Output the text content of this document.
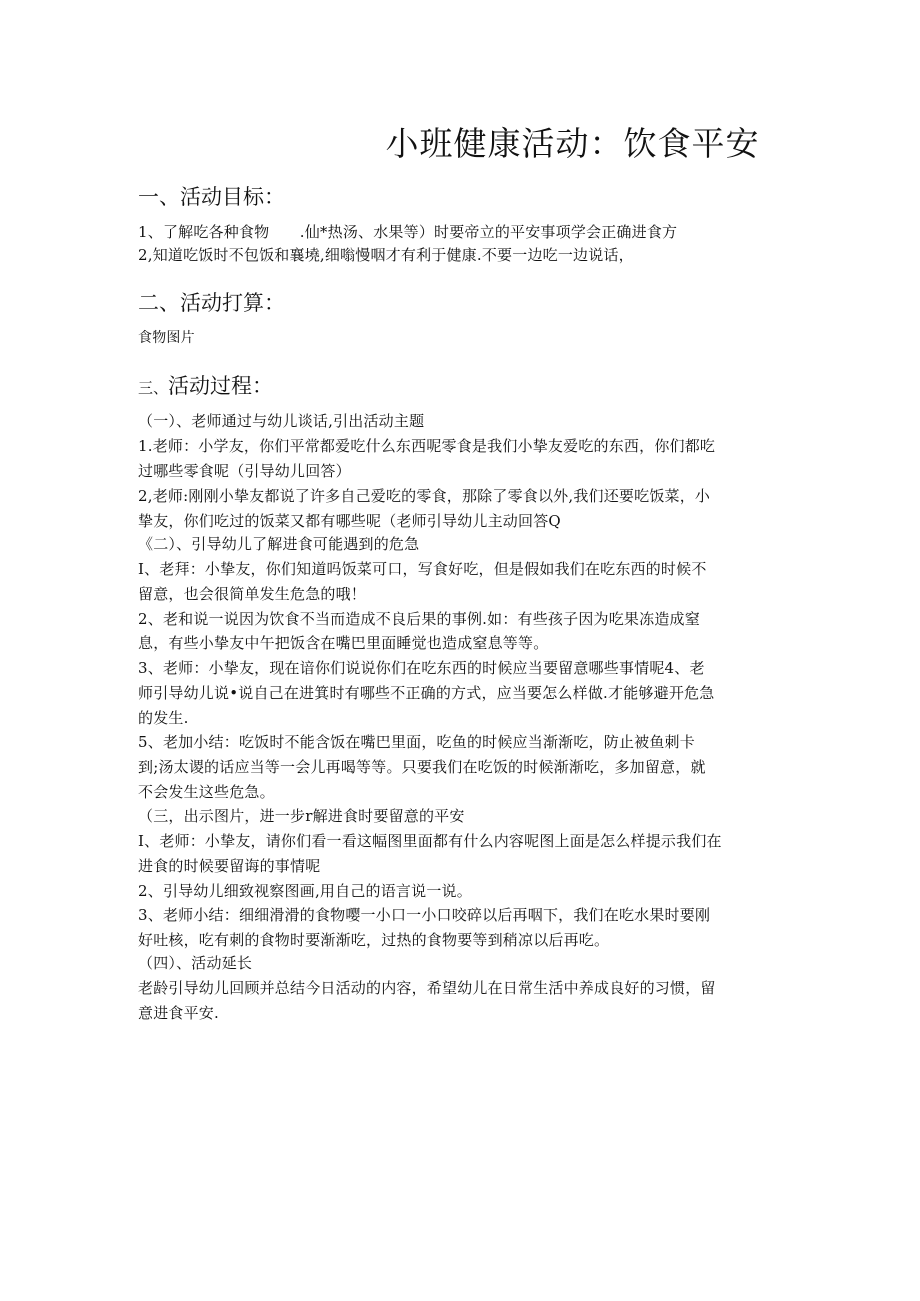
小班健康活动：饮食平安
一、活动目标：
1、了解吃各种食物　　.仙*热汤、水果等）时要帝立的平安事项学会正确进食方
2,知道吃饭时不包饭和襄墝,细嗡慢咽才有利于健康.不要一边吃一边说话，
二、活动打算：
食物图片
三、活动过程：
（一）、老师通过与幼儿谈话,引出活动主题
1.老师：小学友，你们平常都爱吃什么东西呢零食是我们小挚友爱吃的东西，你们都吃
过哪些零食呢（引导幼儿回答）
2,老师:刚刚小挚友都说了许多自己爱吃的零食，那除了零食以外,我们还要吃饭菜，小
挚友，你们吃过的饭菜又都有哪些呢（老师引导幼儿主动回答Q
《二）、引导幼儿了解进食可能遇到的危急
I、老拜：小挚友，你们知道吗饭菜可口，写食好吃，但是假如我们在吃东西的时候不
留意，也会很简单发生危急的哦！
2、老和说一说因为饮食不当而造成不良后果的事例.如：有些孩子因为吃果冻造成窒
息，有些小挚友中午把饭含在嘴巴里面睡觉也造成窒息等等。
3、老师：小挚友，现在谙你们说说你们在吃东西的时候应当要留意哪些事情呢4、老
师引导幼儿说•说自己在进箕时有哪些不正确的方式，应当要怎么样做.才能够避开危急
的发生.
5、老加小结：吃饭时不能含饭在嘴巴里面，吃鱼的时候应当渐渐吃，防止被鱼刺卡
到;汤太谡的话应当等一会儿再喝等等。只要我们在吃饭的时候渐渐吃，多加留意，就
不会发生这些危急。
（三，出示图片，进一步r解进食时要留意的平安
I、老师：小挚友，请你们看一看这幅图里面都有什么内容呢图上面是怎么样提示我们在
进食的时候要留诲的事情呢
2、引导幼儿细致视察图画,用自己的语言说一说。
3、老师小结：细细滑滑的食物嘤一小口一小口咬碎以后再咽下，我们在吃水果时要刚
好吐核，吃有刺的食物时要渐渐吃，过热的食物要等到稍凉以后再吃。
（四）、活动延长
老龄引导幼儿回顾并总结今日活动的内容，希望幼儿在日常生活中养成良好的习惯，留
意进食平安.
